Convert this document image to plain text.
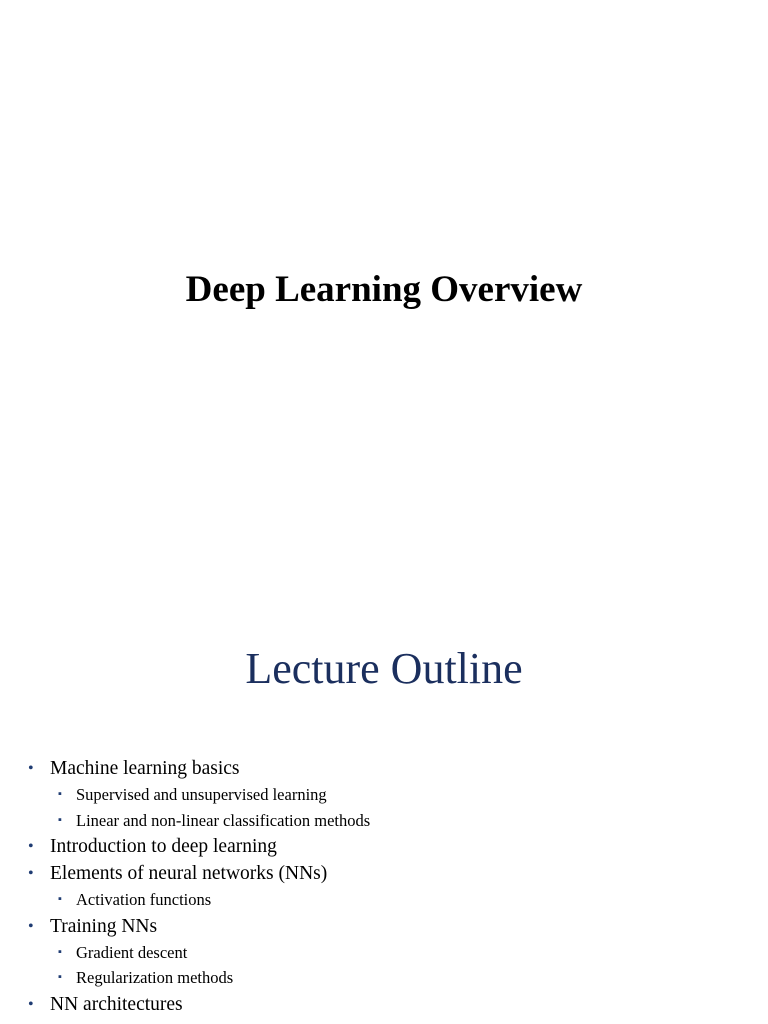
Deep Learning Overview
Lecture Outline
• Machine learning basics
▪ Supervised and unsupervised learning
▪ Linear and non-linear classification methods
• Introduction to deep learning
• Elements of neural networks (NNs)
▪ Activation functions
• Training NNs
▪ Gradient descent
▪ Regularization methods
• NN architectures
